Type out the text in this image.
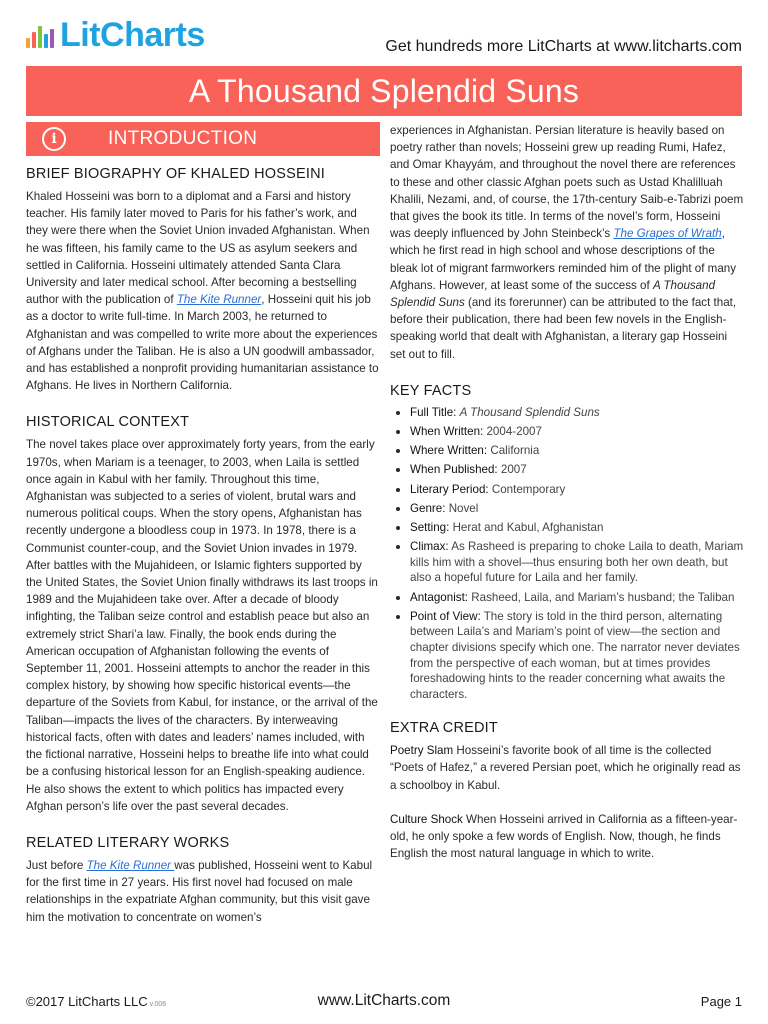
LitCharts	Get hundreds more LitCharts at www.litcharts.com
A Thousand Splendid Suns
i	INTRODUCTION
BRIEF BIOGRAPHY OF KHALED HOSSEINI

Khaled Hosseini was born to a diplomat and a Farsi and history teacher. His family later moved to Paris for his father’s work, and they were there when the Soviet Union invaded Afghanistan. When he was fifteen, his family came to the US as asylum seekers and settled in California. Hosseini ultimately attended Santa Clara University and later medical school. After becoming a bestselling author with the publication of The Kite Runner, Hosseini quit his job as a doctor to write full-time. In March 2003, he returned to Afghanistan and was compelled to write more about the experiences of Afghans under the Taliban. He is also a UN goodwill ambassador, and has established a nonprofit providing humanitarian assistance to Afghans. He lives in Northern California.

HISTORICAL CONTEXT

The novel takes place over approximately forty years, from the early 1970s, when Mariam is a teenager, to 2003, when Laila is settled once again in Kabul with her family. Throughout this time, Afghanistan was subjected to a series of violent, brutal wars and numerous political coups. When the story opens, Afghanistan has recently undergone a bloodless coup in 1973. In 1978, there is a Communist counter-coup, and the Soviet Union invades in 1979. After battles with the Mujahideen, or Islamic fighters supported by the United States, the Soviet Union finally withdraws its last troops in 1989 and the Mujahideen take over. After a decade of bloody infighting, the Taliban seize control and establish peace but also an extremely strict Shari’a law. Finally, the book ends during the American occupation of Afghanistan following the events of September 11, 2001. Hosseini attempts to anchor the reader in this complex history, by showing how specific historical events—the departure of the Soviets from Kabul, for instance, or the arrival of the Taliban—impacts the lives of the characters. By interweaving historical facts, often with dates and leaders’ names included, with the fictional narrative, Hosseini helps to breathe life into what could be a confusing historical lesson for an English-speaking audience. He also shows the extent to which politics has impacted every Afghan person’s life over the past several decades.

RELATED LITERARY WORKS

Just before The Kite Runner was published, Hosseini went to Kabul for the first time in 27 years. His first novel had focused on male relationships in the expatriate Afghan community, but this visit gave him the motivation to concentrate on women’s

experiences in Afghanistan. Persian literature is heavily based on poetry rather than novels; Hosseini grew up reading Rumi, Hafez, and Omar Khayyám, and throughout the novel there are references to these and other classic Afghan poets such as Ustad Khalilluah Khalili, Nezami, and, of course, the 17th-century Saib-e-Tabrizi poem that gives the book its title. In terms of the novel’s form, Hosseini was deeply influenced by John Steinbeck’s The Grapes of Wrath, which he first read in high school and whose descriptions of the bleak lot of migrant farmworkers reminded him of the plight of many Afghans. However, at least some of the success of A Thousand Splendid Suns (and its forerunner) can be attributed to the fact that, before their publication, there had been few novels in the English-speaking world that dealt with Afghanistan, a literary gap Hosseini set out to fill.

KEY FACTS
Full Title: A Thousand Splendid Suns
When Written: 2004-2007
Where Written: California
When Published: 2007
Literary Period: Contemporary
Genre: Novel
Setting: Herat and Kabul, Afghanistan
Climax: As Rasheed is preparing to choke Laila to death, Mariam kills him with a shovel—thus ensuring both her own death, but also a hopeful future for Laila and her family.
Antagonist: Rasheed, Laila, and Mariam’s husband; the Taliban
Point of View: The story is told in the third person, alternating between Laila’s and Mariam’s point of view—the section and chapter divisions specify which one. The narrator never deviates from the perspective of each woman, but at times provides foreshadowing hints to the reader concerning what awaits the characters.
EXTRA CREDIT

Poetry Slam Hosseini’s favorite book of all time is the collected “Poets of Hafez,” a revered Persian poet, which he originally read as a schoolboy in Kabul.

Culture Shock When Hosseini arrived in California as a fifteen-year-old, he only spoke a few words of English. Now, though, he finds English the most natural language in which to write.

©2017 LitCharts LLC v.006	www.LitCharts.com	Page 1
